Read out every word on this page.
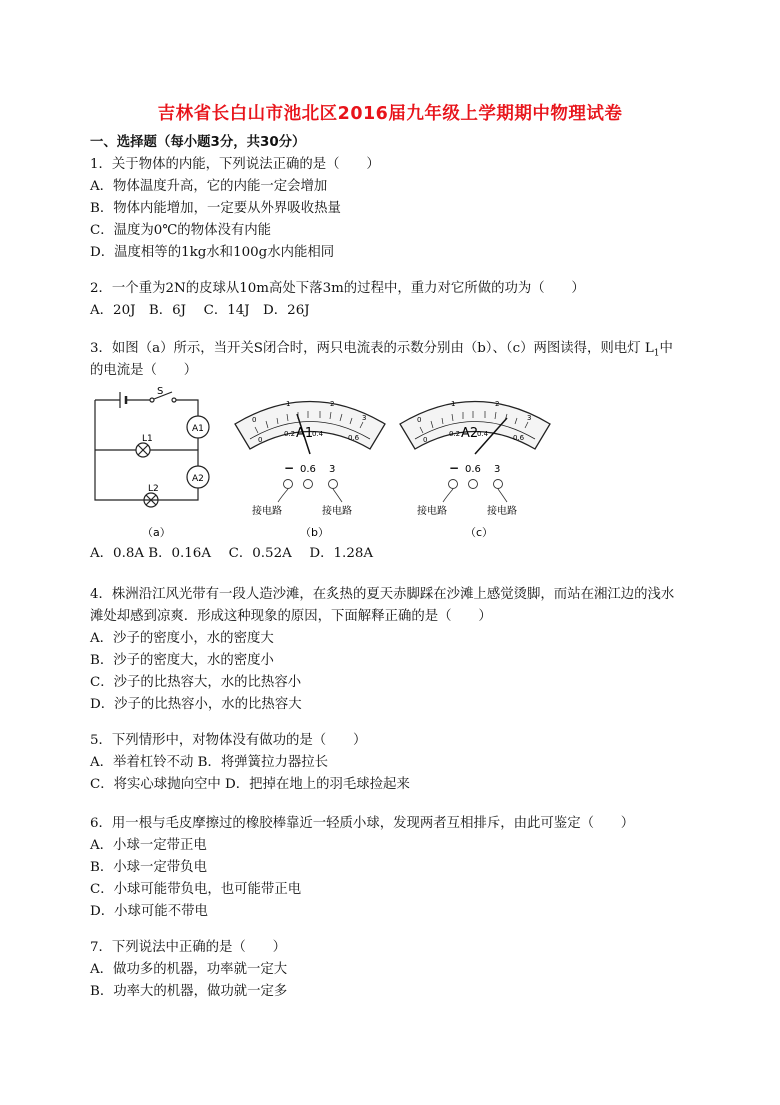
吉林省长白山市池北区2016届九年级上学期期中物理试卷
一、选择题（每小题3分，共30分）
1．关于物体的内能，下列说法正确的是（　　）
A．物体温度升高，它的内能一定会增加
B．物体内能增加，一定要从外界吸收热量
C．温度为0℃的物体没有内能
D．温度相等的1kg水和100g水内能相同
2．一个重为2N的皮球从10m高处下落3m的过程中，重力对它所做的功为（　　）
A．20J　B．6J　 C．14J　D．26J
3．如图（a）所示，当开关S闭合时，两只电流表的示数分别由（b）、（c）两图读得，则电灯 $L_1$中
的电流是（　　）
S
L1
L2
A1
A2
（a）
0
1	2
3
0
0.2 0.4	0.6
A1
− 0.6 3
接电路	接电路
（b）
0
1	2
3
0
0.2 0.4	0.6
A2
− 0.6 3
接电路	接电路
（c）
A．0.8A B．0.16A　 C．0.52A　 D．1.28A
4．株洲沿江风光带有一段人造沙滩，在炙热的夏天赤脚踩在沙滩上感觉烫脚，而站在湘江边的浅水
滩处却感到凉爽．形成这种现象的原因，下面解释正确的是（　　）
A．沙子的密度小，水的密度大
B．沙子的密度大，水的密度小
C．沙子的比热容大，水的比热容小
D．沙子的比热容小，水的比热容大
5．下列情形中，对物体没有做功的是（　　）
A．举着杠铃不动 B．将弹簧拉力器拉长
C．将实心球抛向空中 D．把掉在地上的羽毛球捡起来
6．用一根与毛皮摩擦过的橡胶棒靠近一轻质小球，发现两者互相排斥，由此可鉴定（　　）
A．小球一定带正电
B．小球一定带负电
C．小球可能带负电，也可能带正电
D．小球可能不带电
7．下列说法中正确的是（　　）
A．做功多的机器，功率就一定大
B．功率大的机器，做功就一定多
